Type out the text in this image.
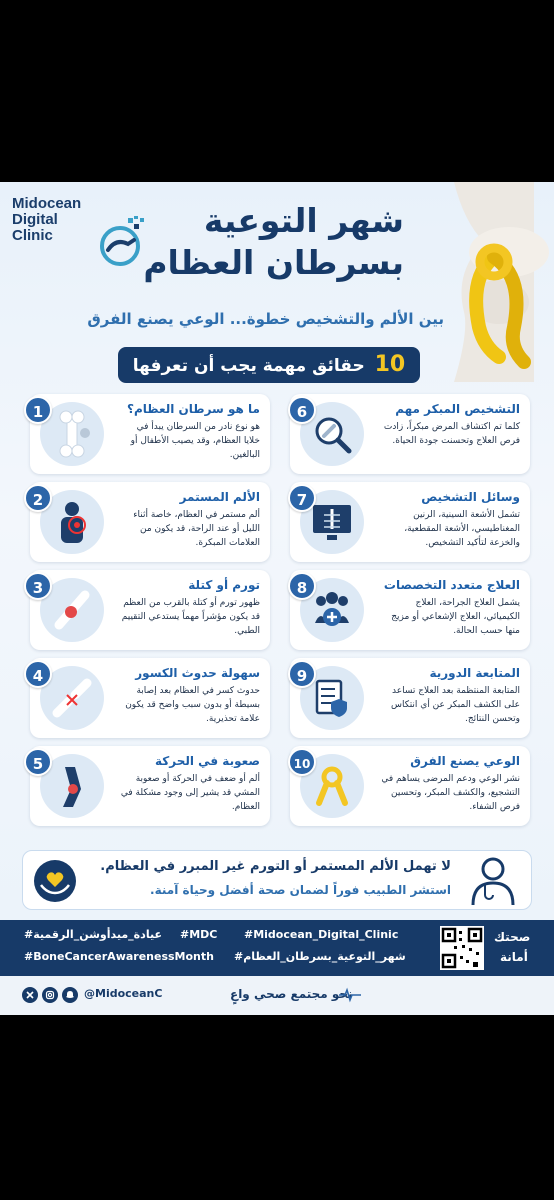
Midocean
Digital
Clinic	شهر التوعية
بسرطان العظام
بين الألم والتشخيص خطوة... الوعي يصنع الفرق
10 حقائق مهمة يجب أن تعرفها
ما هو سرطان العظام؟
هو نوع نادر من السرطان يبدأ في خلايا العظام، وقد يصيب الأطفال أو البالغين.
الألم المستمر
ألم مستمر في العظام، خاصة أثناء الليل أو عند الراحة، قد يكون من العلامات المبكرة.
تورم أو كتلة
ظهور تورم أو كتلة بالقرب من العظم قد يكون مؤشراً مهماً يستدعي التقييم الطبي.
سهولة حدوث الكسور
حدوث كسر في العظام بعد إصابة بسيطة أو بدون سبب واضح قد يكون علامة تحذيرية.
صعوبة في الحركة
ألم أو ضعف في الحركة أو صعوبة المشي قد يشير إلى وجود مشكلة في العظام.
التشخيص المبكر مهم
كلما تم اكتشاف المرض مبكراً، زادت فرص العلاج وتحسنت جودة الحياة.
وسائل التشخيص
تشمل الأشعة السينية، الرنين المغناطيسي، الأشعة المقطعية، والخزعة لتأكيد التشخيص.
العلاج متعدد التخصصات
يشمل العلاج الجراحة، العلاج الكيميائي، العلاج الإشعاعي أو مزيج منها حسب الحالة.
المتابعة الدورية
المتابعة المنتظمة بعد العلاج تساعد على الكشف المبكر عن أي انتكاس وتحسن النتائج.
الوعي يصنع الفرق
نشر الوعي ودعم المرضى يساهم في التشجيع، والكشف المبكر، وتحسين فرص الشفاء.
1
2
3
4
5
6
7
8
9
10
لا تهمل الألم المستمر أو التورم غير المبرر في العظام.
استشر الطبيب فوراً لضمان صحة أفضل وحياة آمنة.
#عيادة_ميدأوشن_الرقمية #MDC #Midocean_Digital_Clinic
#BoneCancerAwarenessMonth #شهر_التوعية_بسرطان_العظام
صحتك
أمانة
@MidoceanC	نحو مجتمع صحي واعٍ
